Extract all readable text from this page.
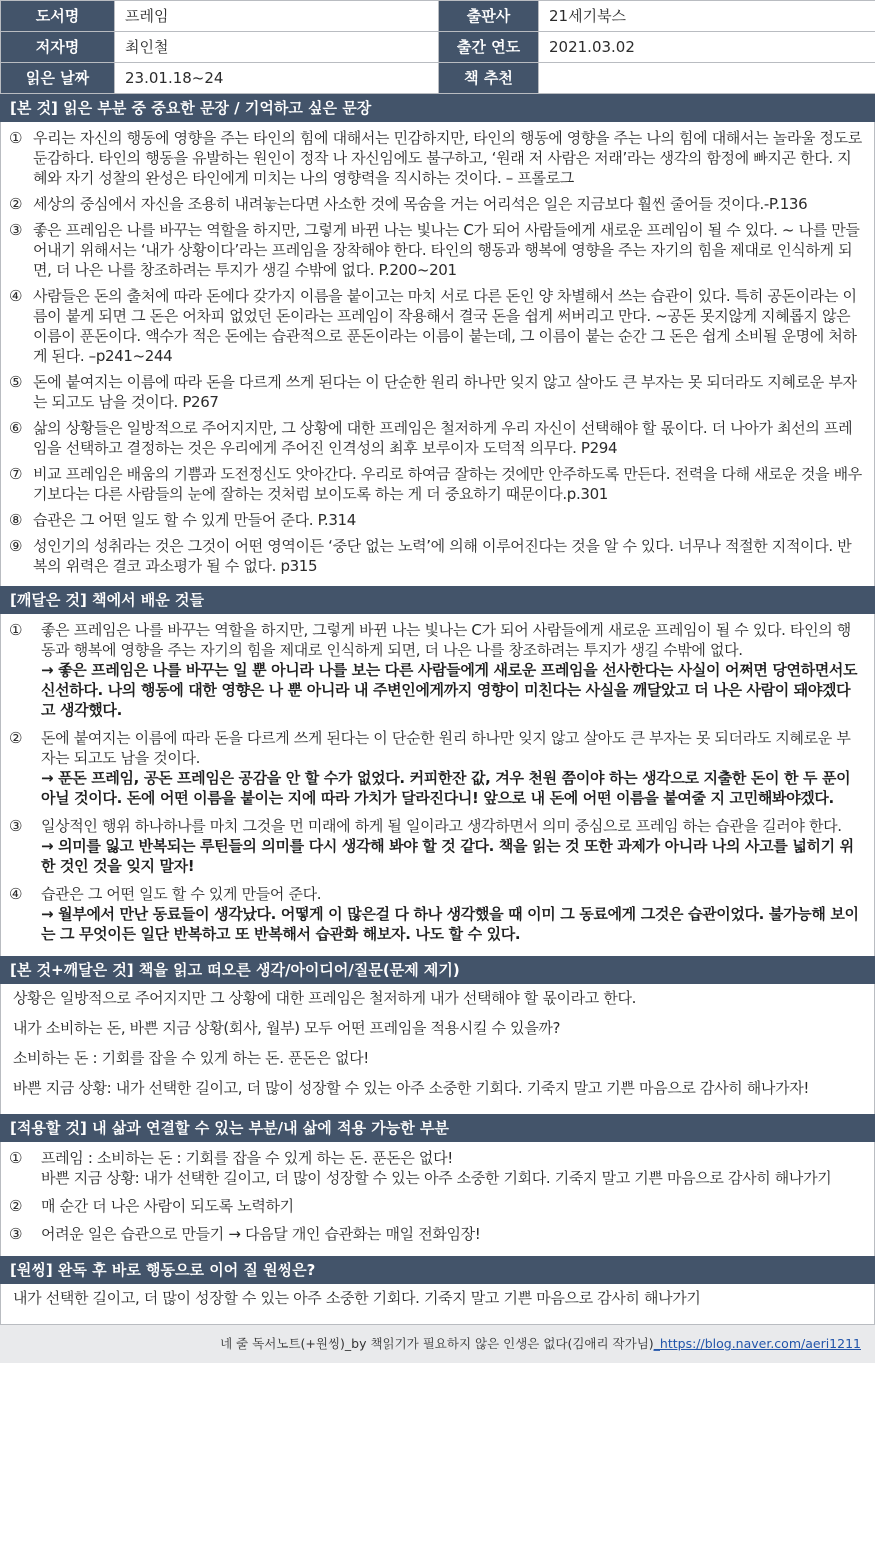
도서명	프레임	출판사	21세기북스
저자명	최인철	출간 연도	2021.03.02
읽은 날짜	23.01.18~24	책 추천	
[본 것] 읽은 부분 중 중요한 문장 / 기억하고 싶은 문장
① 우리는 자신의 행동에 영향을 주는 타인의 힘에 대해서는 민감하지만, 타인의 행동에 영향을 주는 나의 힘에 대해서는 놀라울 정도로 둔감하다. 타인의 행동을 유발하는 원인이 정작 나 자신임에도 불구하고, ‘원래 저 사람은 저래’라는 생각의 함정에 빠지곤 한다. 지혜와 자기 성찰의 완성은 타인에게 미치는 나의 영향력을 직시하는 것이다. – 프롤로그
② 세상의 중심에서 자신을 조용히 내려놓는다면 사소한 것에 목숨을 거는 어리석은 일은 지금보다 훨씬 줄어들 것이다.-P.136
③ 좋은 프레임은 나를 바꾸는 역할을 하지만, 그렇게 바뀐 나는 빛나는 C가 되어 사람들에게 새로운 프레임이 될 수 있다. ~ 나를 만들어내기 위해서는 ‘내가 상황이다’라는 프레임을 장착해야 한다. 타인의 행동과 행복에 영향을 주는 자기의 힘을 제대로 인식하게 되면, 더 나은 나를 창조하려는 투지가 생길 수밖에 없다. P.200~201
④ 사람들은 돈의 출처에 따라 돈에다 갖가지 이름을 붙이고는 마치 서로 다른 돈인 양 차별해서 쓰는 습관이 있다. 특히 공돈이라는 이름이 붙게 되면 그 돈은 어차피 없었던 돈이라는 프레임이 작용해서 결국 돈을 쉽게 써버리고 만다. ~공돈 못지않게 지혜롭지 않은 이름이 푼돈이다. 액수가 적은 돈에는 습관적으로 푼돈이라는 이름이 붙는데, 그 이름이 붙는 순간 그 돈은 쉽게 소비될 운명에 처하게 된다. –p241~244
⑤ 돈에 붙여지는 이름에 따라 돈을 다르게 쓰게 된다는 이 단순한 원리 하나만 잊지 않고 살아도 큰 부자는 못 되더라도 지혜로운 부자는 되고도 남을 것이다. P267
⑥ 삶의 상황들은 일방적으로 주어지지만, 그 상황에 대한 프레임은 철저하게 우리 자신이 선택해야 할 몫이다. 더 나아가 최선의 프레임을 선택하고 결정하는 것은 우리에게 주어진 인격성의 최후 보루이자 도덕적 의무다. P294
⑦ 비교 프레임은 배움의 기쁨과 도전정신도 앗아간다. 우리로 하여금 잘하는 것에만 안주하도록 만든다. 전력을 다해 새로운 것을 배우기보다는 다른 사람들의 눈에 잘하는 것처럼 보이도록 하는 게 더 중요하기 때문이다.p.301
⑧ 습관은 그 어떤 일도 할 수 있게 만들어 준다. P.314
⑨ 성인기의 성취라는 것은 그것이 어떤 영역이든 ‘중단 없는 노력’에 의해 이루어진다는 것을 알 수 있다. 너무나 적절한 지적이다. 반복의 위력은 결코 과소평가 될 수 없다. p315
[깨달은 것] 책에서 배운 것들
①	좋은 프레임은 나를 바꾸는 역할을 하지만, 그렇게 바뀐 나는 빛나는 C가 되어 사람들에게 새로운 프레임이 될 수 있다. 타인의 행동과 행복에 영향을 주는 자기의 힘을 제대로 인식하게 되면, 더 나은 나를 창조하려는 투지가 생길 수밖에 없다.
→ 좋은 프레임은 나를 바꾸는 일 뿐 아니라 나를 보는 다른 사람들에게 새로운 프레임을 선사한다는 사실이 어쩌면 당연하면서도 신선하다. 나의 행동에 대한 영향은 나 뿐 아니라 내 주변인에게까지 영향이 미친다는 사실을 깨달았고 더 나은 사람이 돼야겠다고 생각했다.
②	돈에 붙여지는 이름에 따라 돈을 다르게 쓰게 된다는 이 단순한 원리 하나만 잊지 않고 살아도 큰 부자는 못 되더라도 지혜로운 부자는 되고도 남을 것이다.
→ 푼돈 프레임, 공돈 프레임은 공감을 안 할 수가 없었다. 커피한잔 값, 겨우 천원 쯤이야 하는 생각으로 지출한 돈이 한 두 푼이 아닐 것이다. 돈에 어떤 이름을 붙이는 지에 따라 가치가 달라진다니! 앞으로 내 돈에 어떤 이름을 붙여줄 지 고민해봐야겠다.
③	일상적인 행위 하나하나를 마치 그것을 먼 미래에 하게 될 일이라고 생각하면서 의미 중심으로 프레임 하는 습관을 길러야 한다.
→ 의미를 잃고 반복되는 루틴들의 의미를 다시 생각해 봐야 할 것 같다. 책을 읽는 것 또한 과제가 아니라 나의 사고를 넓히기 위한 것인 것을 잊지 말자!
④	습관은 그 어떤 일도 할 수 있게 만들어 준다.
→ 월부에서 만난 동료들이 생각났다. 어떻게 이 많은걸 다 하나 생각했을 때 이미 그 동료에게 그것은 습관이었다. 불가능해 보이는 그 무엇이든 일단 반복하고 또 반복해서 습관화 해보자. 나도 할 수 있다.
[본 것+깨달은 것] 책을 읽고 떠오른 생각/아이디어/질문(문제 제기)

상황은 일방적으로 주어지지만 그 상황에 대한 프레임은 철저하게 내가 선택해야 할 몫이라고 한다.

내가 소비하는 돈, 바쁜 지금 상황(회사, 월부) 모두 어떤 프레임을 적용시킬 수 있을까?

소비하는 돈 : 기회를 잡을 수 있게 하는 돈. 푼돈은 없다!

바쁜 지금 상황: 내가 선택한 길이고, 더 많이 성장할 수 있는 아주 소중한 기회다. 기죽지 말고 기쁜 마음으로 감사히 해나가자!

[적용할 것] 내 삶과 연결할 수 있는 부분/내 삶에 적용 가능한 부분
①	프레임 : 소비하는 돈 : 기회를 잡을 수 있게 하는 돈. 푼돈은 없다!
바쁜 지금 상황: 내가 선택한 길이고, 더 많이 성장할 수 있는 아주 소중한 기회다. 기죽지 말고 기쁜 마음으로 감사히 해나가기
②	매 순간 더 나은 사람이 되도록 노력하기
③	어려운 일은 습관으로 만들기 → 다음달 개인 습관화는 매일 전화임장!
[원씽] 완독 후 바로 행동으로 이어 질 원씽은?

내가 선택한 길이고, 더 많이 성장할 수 있는 아주 소중한 기회다. 기죽지 말고 기쁜 마음으로 감사히 해나가기

네 줄 독서노트(+원씽)_by 책읽기가 필요하지 않은 인생은 없다(김애리 작가님)_https://blog.naver.com/aeri1211
